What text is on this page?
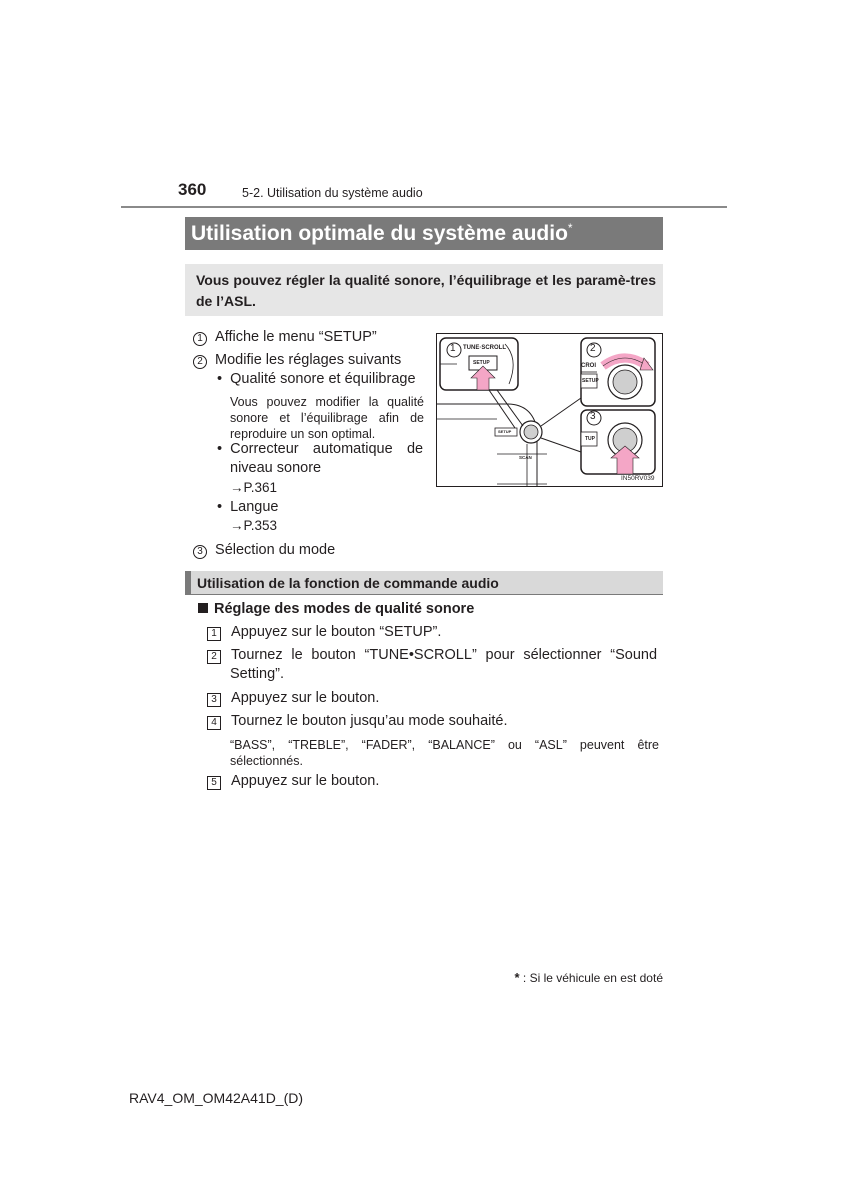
360	5-2. Utilisation du système audio
Utilisation optimale du système audio*
Vous pouvez régler la qualité sonore, l’équilibrage et les paramè-tres de l’ASL.
1 Affiche le menu “SETUP”
2 Modifie les réglages suivants
• Qualité sonore et équilibrage
Vous pouvez modifier la qualité sonore et l’équilibrage afin de reproduire un son optimal.
• Correcteur automatique de
niveau sonore
→P.361
• Langue
→P.353
3 Sélection du mode
1	2
3
TUNE·SCROLL
SETUP
SETUP
SCAN
CROI
SETUP
TUP
IN50RV039
Utilisation de la fonction de commande audio
Réglage des modes de qualité sonore
1 Appuyez sur le bouton “SETUP”.
2 Tournez le bouton “TUNE•SCROLL” pour sélectionner “Sound
Setting”.
3 Appuyez sur le bouton.
4 Tournez le bouton jusqu’au mode souhaité.
“BASS”, “TREBLE”, “FADER”, “BALANCE” ou “ASL” peuvent être sélectionnés.
5 Appuyez sur le bouton.
* : Si le véhicule en est doté
RAV4_OM_OM42A41D_(D)
